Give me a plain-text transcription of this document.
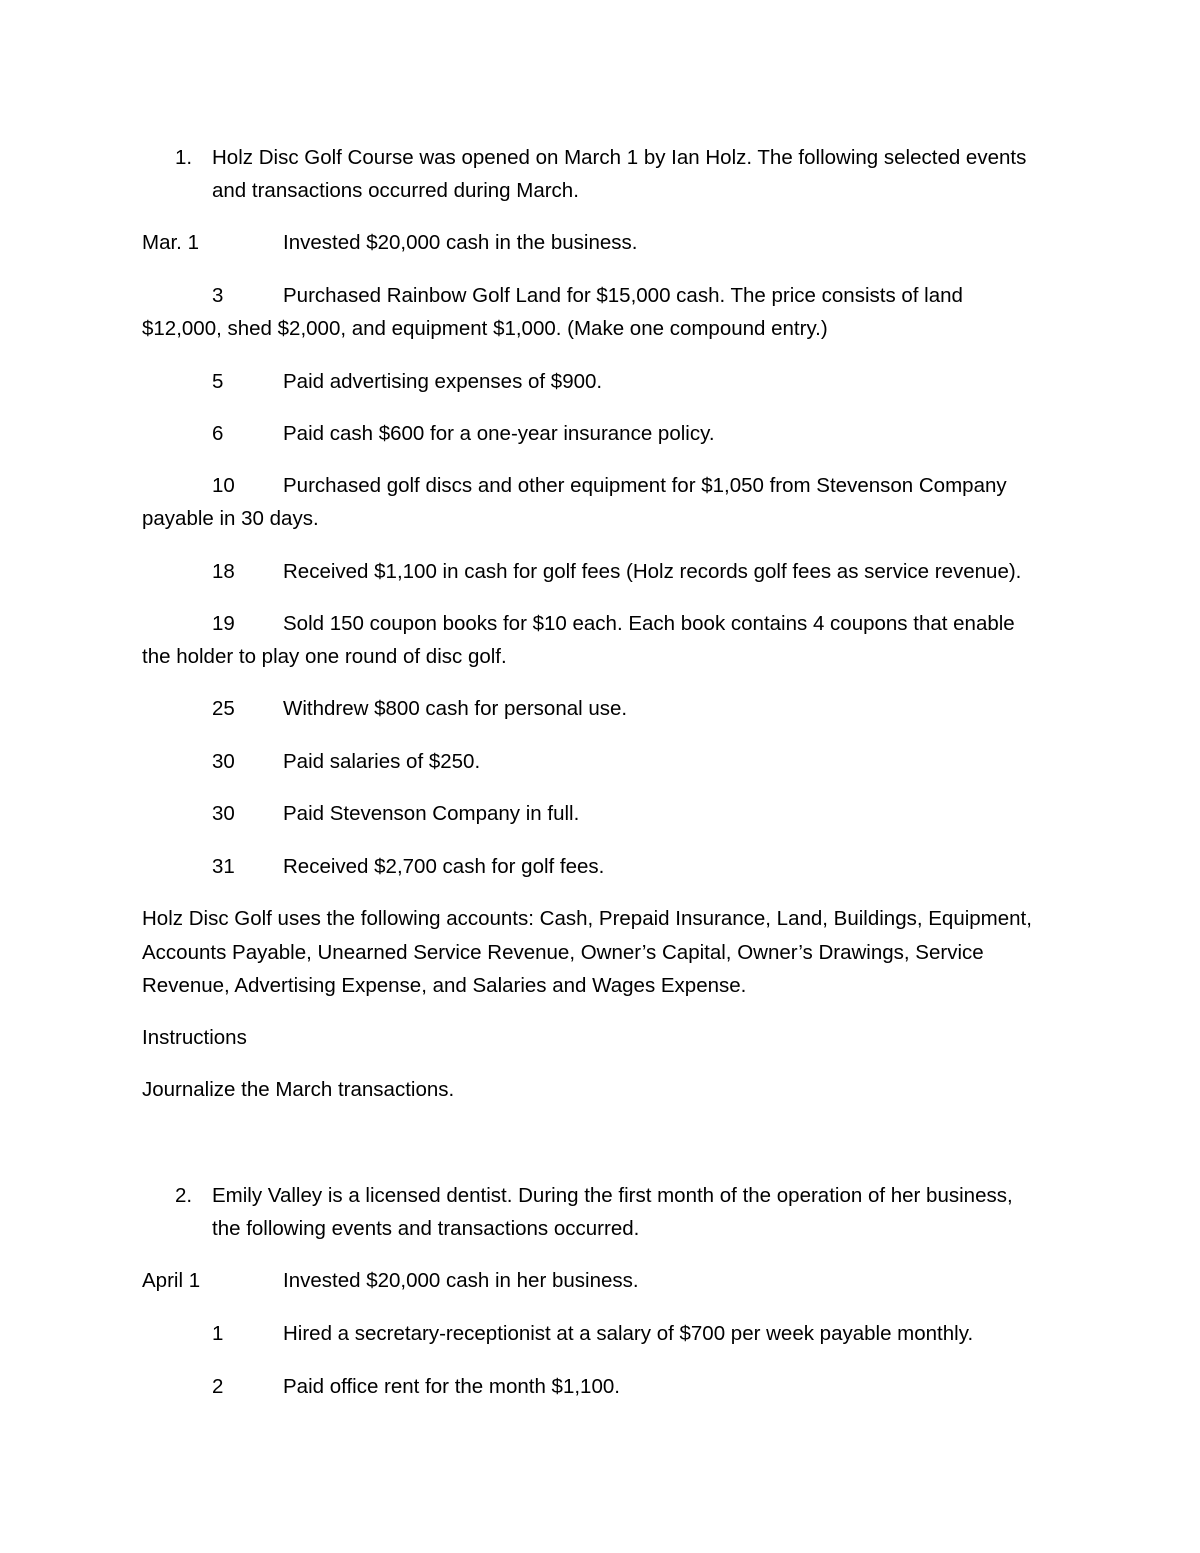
1. Holz Disc Golf Course was opened on March 1 by Ian Holz. The following selected events
and transactions occurred during March.
Mar. 1	Invested $20,000 cash in the business.
3	Purchased Rainbow Golf Land for $15,000 cash. The price consists of land
$12,000, shed $2,000, and equipment $1,000. (Make one compound entry.)
5	Paid advertising expenses of $900.
6	Paid cash $600 for a one-year insurance policy.
10 Purchased golf discs and other equipment for $1,050 from Stevenson Company
payable in 30 days.
18 Received $1,100 in cash for golf fees (Holz records golf fees as service revenue).
19 Sold 150 coupon books for $10 each. Each book contains 4 coupons that enable
the holder to play one round of disc golf.
25 Withdrew $800 cash for personal use.
30 Paid salaries of $250.
30 Paid Stevenson Company in full.
31 Received $2,700 cash for golf fees.
Holz Disc Golf uses the following accounts: Cash, Prepaid Insurance, Land, Buildings, Equipment,
Accounts Payable, Unearned Service Revenue, Owner’s Capital, Owner’s Drawings, Service
Revenue, Advertising Expense, and Salaries and Wages Expense.
Instructions
Journalize the March transactions.
2. Emily Valley is a licensed dentist. During the first month of the operation of her business,
the following events and transactions occurred.
April 1	Invested $20,000 cash in her business.
1	Hired a secretary-receptionist at a salary of $700 per week payable monthly.
2	Paid office rent for the month $1,100.
